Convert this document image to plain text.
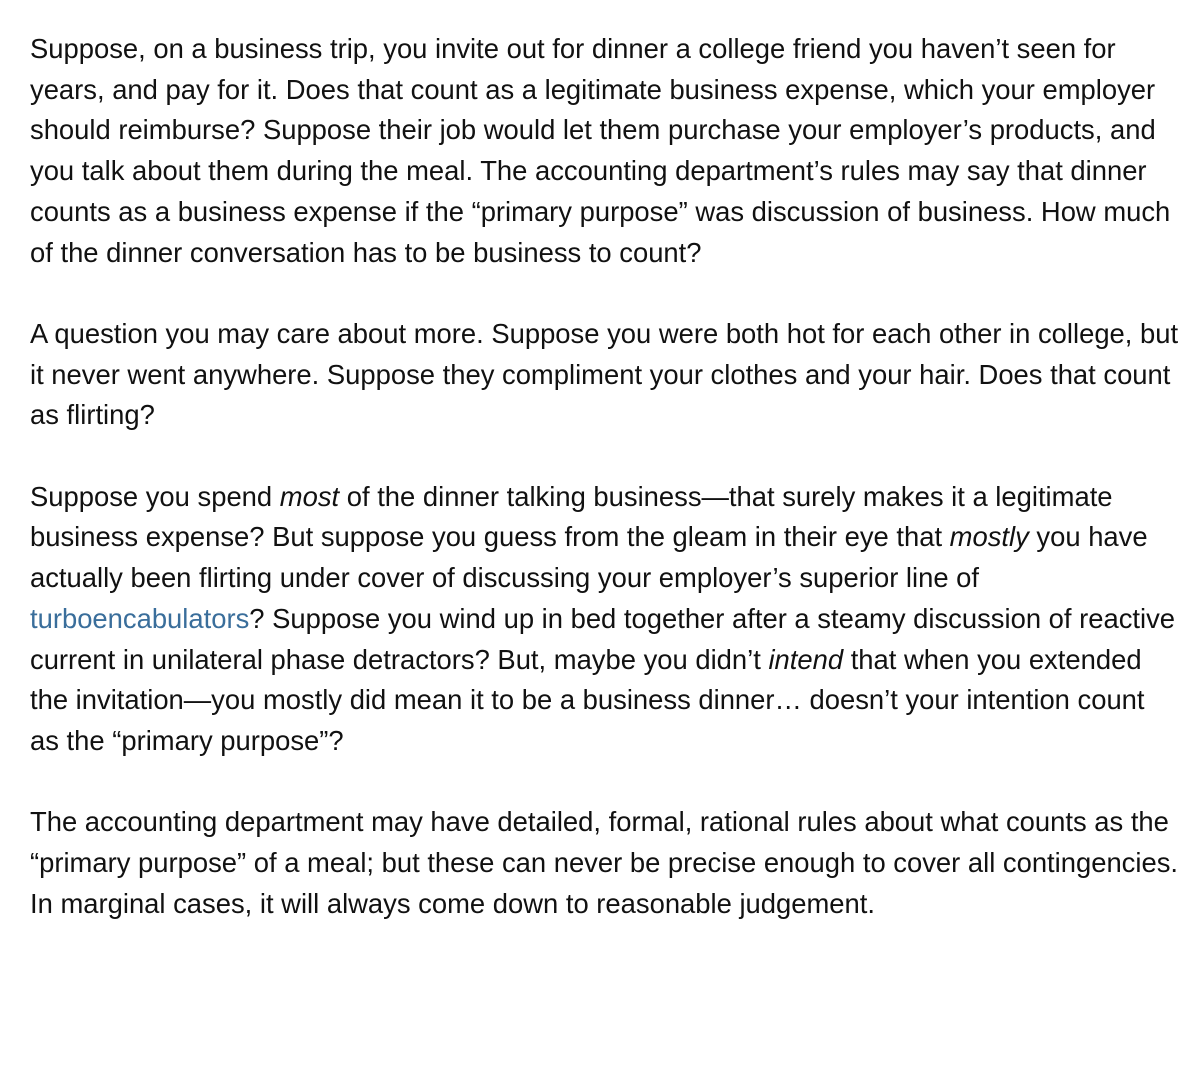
Suppose, on a business trip, you invite out for dinner a college friend you haven’t seen for years, and pay for it. Does that count as a legitimate business expense, which your employer should reimburse? Suppose their job would let them purchase your employer’s products, and you talk about them during the meal. The accounting department’s rules may say that dinner counts as a business expense if the “primary purpose” was discussion of business. How much of the dinner conversation has to be business to count?

A question you may care about more. Suppose you were both hot for each other in college, but it never went anywhere. Suppose they compliment your clothes and your hair. Does that count as flirting?

Suppose you spend most of the dinner talking business—that surely makes it a legitimate business expense? But suppose you guess from the gleam in their eye that mostly you have actually been flirting under cover of discussing your employer’s superior line of turboencabulators? Suppose you wind up in bed together after a steamy discussion of reactive current in unilateral phase detractors? But, maybe you didn’t intend that when you extended the invitation—you mostly did mean it to be a business dinner… doesn’t your intention count as the “primary purpose”?

The accounting department may have detailed, formal, rational rules about what counts as the “primary purpose” of a meal; but these can never be precise enough to cover all contingencies. In marginal cases, it will always come down to reasonable judgement.
